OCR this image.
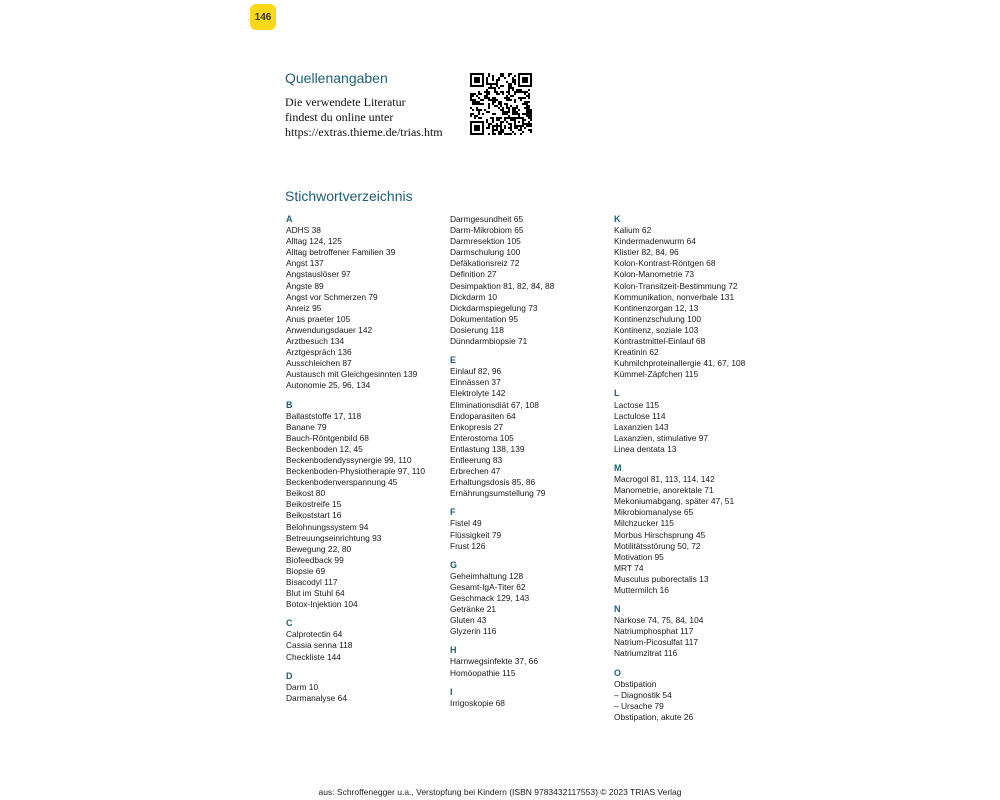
146
Quellenangaben
Die verwendete Literatur
findest du online unter
https://extras.thieme.de/trias.htm
Stichwortverzeichnis
A
ADHS 38
Alltag 124, 125
Alltag betroffener Familien 39
Angst 137
Angstauslöser 97
Ängste 89
Angst vor Schmerzen 79
Anreiz 95
Anus praeter 105
Anwendungsdauer 142
Arztbesuch 134
Arztgespräch 136
Ausschleichen 87
Austausch mit Gleichgesinnten 139
Autonomie 25, 96, 134
B
Ballaststoffe 17, 118
Banane 79
Bauch-Röntgenbild 68
Beckenboden 12, 45
Beckenbodendyssynergie 99, 110
Beckenboden-Physiotherapie 97, 110
Beckenbodenverspannung 45
Beikost 80
Beikostreife 15
Beikoststart 16
Belohnungssystem 94
Betreuungseinrichtung 93
Bewegung 22, 80
Biofeedback 99
Biopsie 69
Bisacodyl 117
Blut im Stuhl 64
Botox-Injektion 104
C
Calprotectin 64
Cassia senna 118
Checkliste 144
D
Darm 10
Darmanalyse 64
Darmgesundheit 65
Darm-Mikrobiom 65
Darmresektion 105
Darmschulung 100
Defäkationsreiz 72
Definition 27
Desimpaktion 81, 82, 84, 88
Dickdarm 10
Dickdarmspiegelung 73
Dokumentation 95
Dosierung 118
Dünndarmbiopsie 71
E
Einlauf 82, 96
Einnässen 37
Elektrolyte 142
Eliminationsdiät 67, 108
Endoparasiten 64
Enkopresis 27
Enterostoma 105
Entlastung 138, 139
Entleerung 83
Erbrechen 47
Erhaltungsdosis 85, 86
Ernährungsumstellung 79
F
Fistel 49
Flüssigkeit 79
Frust 126
G
Geheimhaltung 128
Gesamt-IgA-Titer 62
Geschmack 129, 143
Getränke 21
Gluten 43
Glyzerin 116
H
Harnwegsinfekte 37, 66
Homöopathie 115
I
Irrigoskopie 68
K
Kalium 62
Kindermadenwurm 64
Klistier 82, 84, 96
Kolon-Kontrast-Röntgen 68
Kolon-Manometrie 73
Kolon-Transitzeit-Bestimmung 72
Kommunikation, nonverbale 131
Kontinenzorgan 12, 13
Kontinenzschulung 100
Kontinenz, soziale 103
Kontrastmittel-Einlauf 68
Kreatinin 62
Kuhmilchproteinallergie 41, 67, 108
Kümmel-Zäpfchen 115
L
Lactose 115
Lactulose 114
Laxanzien 143
Laxanzien, stimulative 97
Linea dentata 13
M
Macrogol 81, 113, 114, 142
Manometrie, anorektale 71
Mekoniumabgang, später 47, 51
Mikrobiomanalyse 65
Milchzucker 115
Morbus Hirschsprung 45
Motilitätsstörung 50, 72
Motivation 95
MRT 74
Musculus puborectalis 13
Muttermilch 16
N
Narkose 74, 75, 84, 104
Natriumphosphat 117
Natrium-Picosulfat 117
Natriumzitrat 116
O
Obstipation
– Diagnostik 54
– Ursache 79
Obstipation, akute 26
aus: Schroffenegger u.a., Verstopfung bei Kindern (ISBN 9783432117553) © 2023 TRIAS Verlag
